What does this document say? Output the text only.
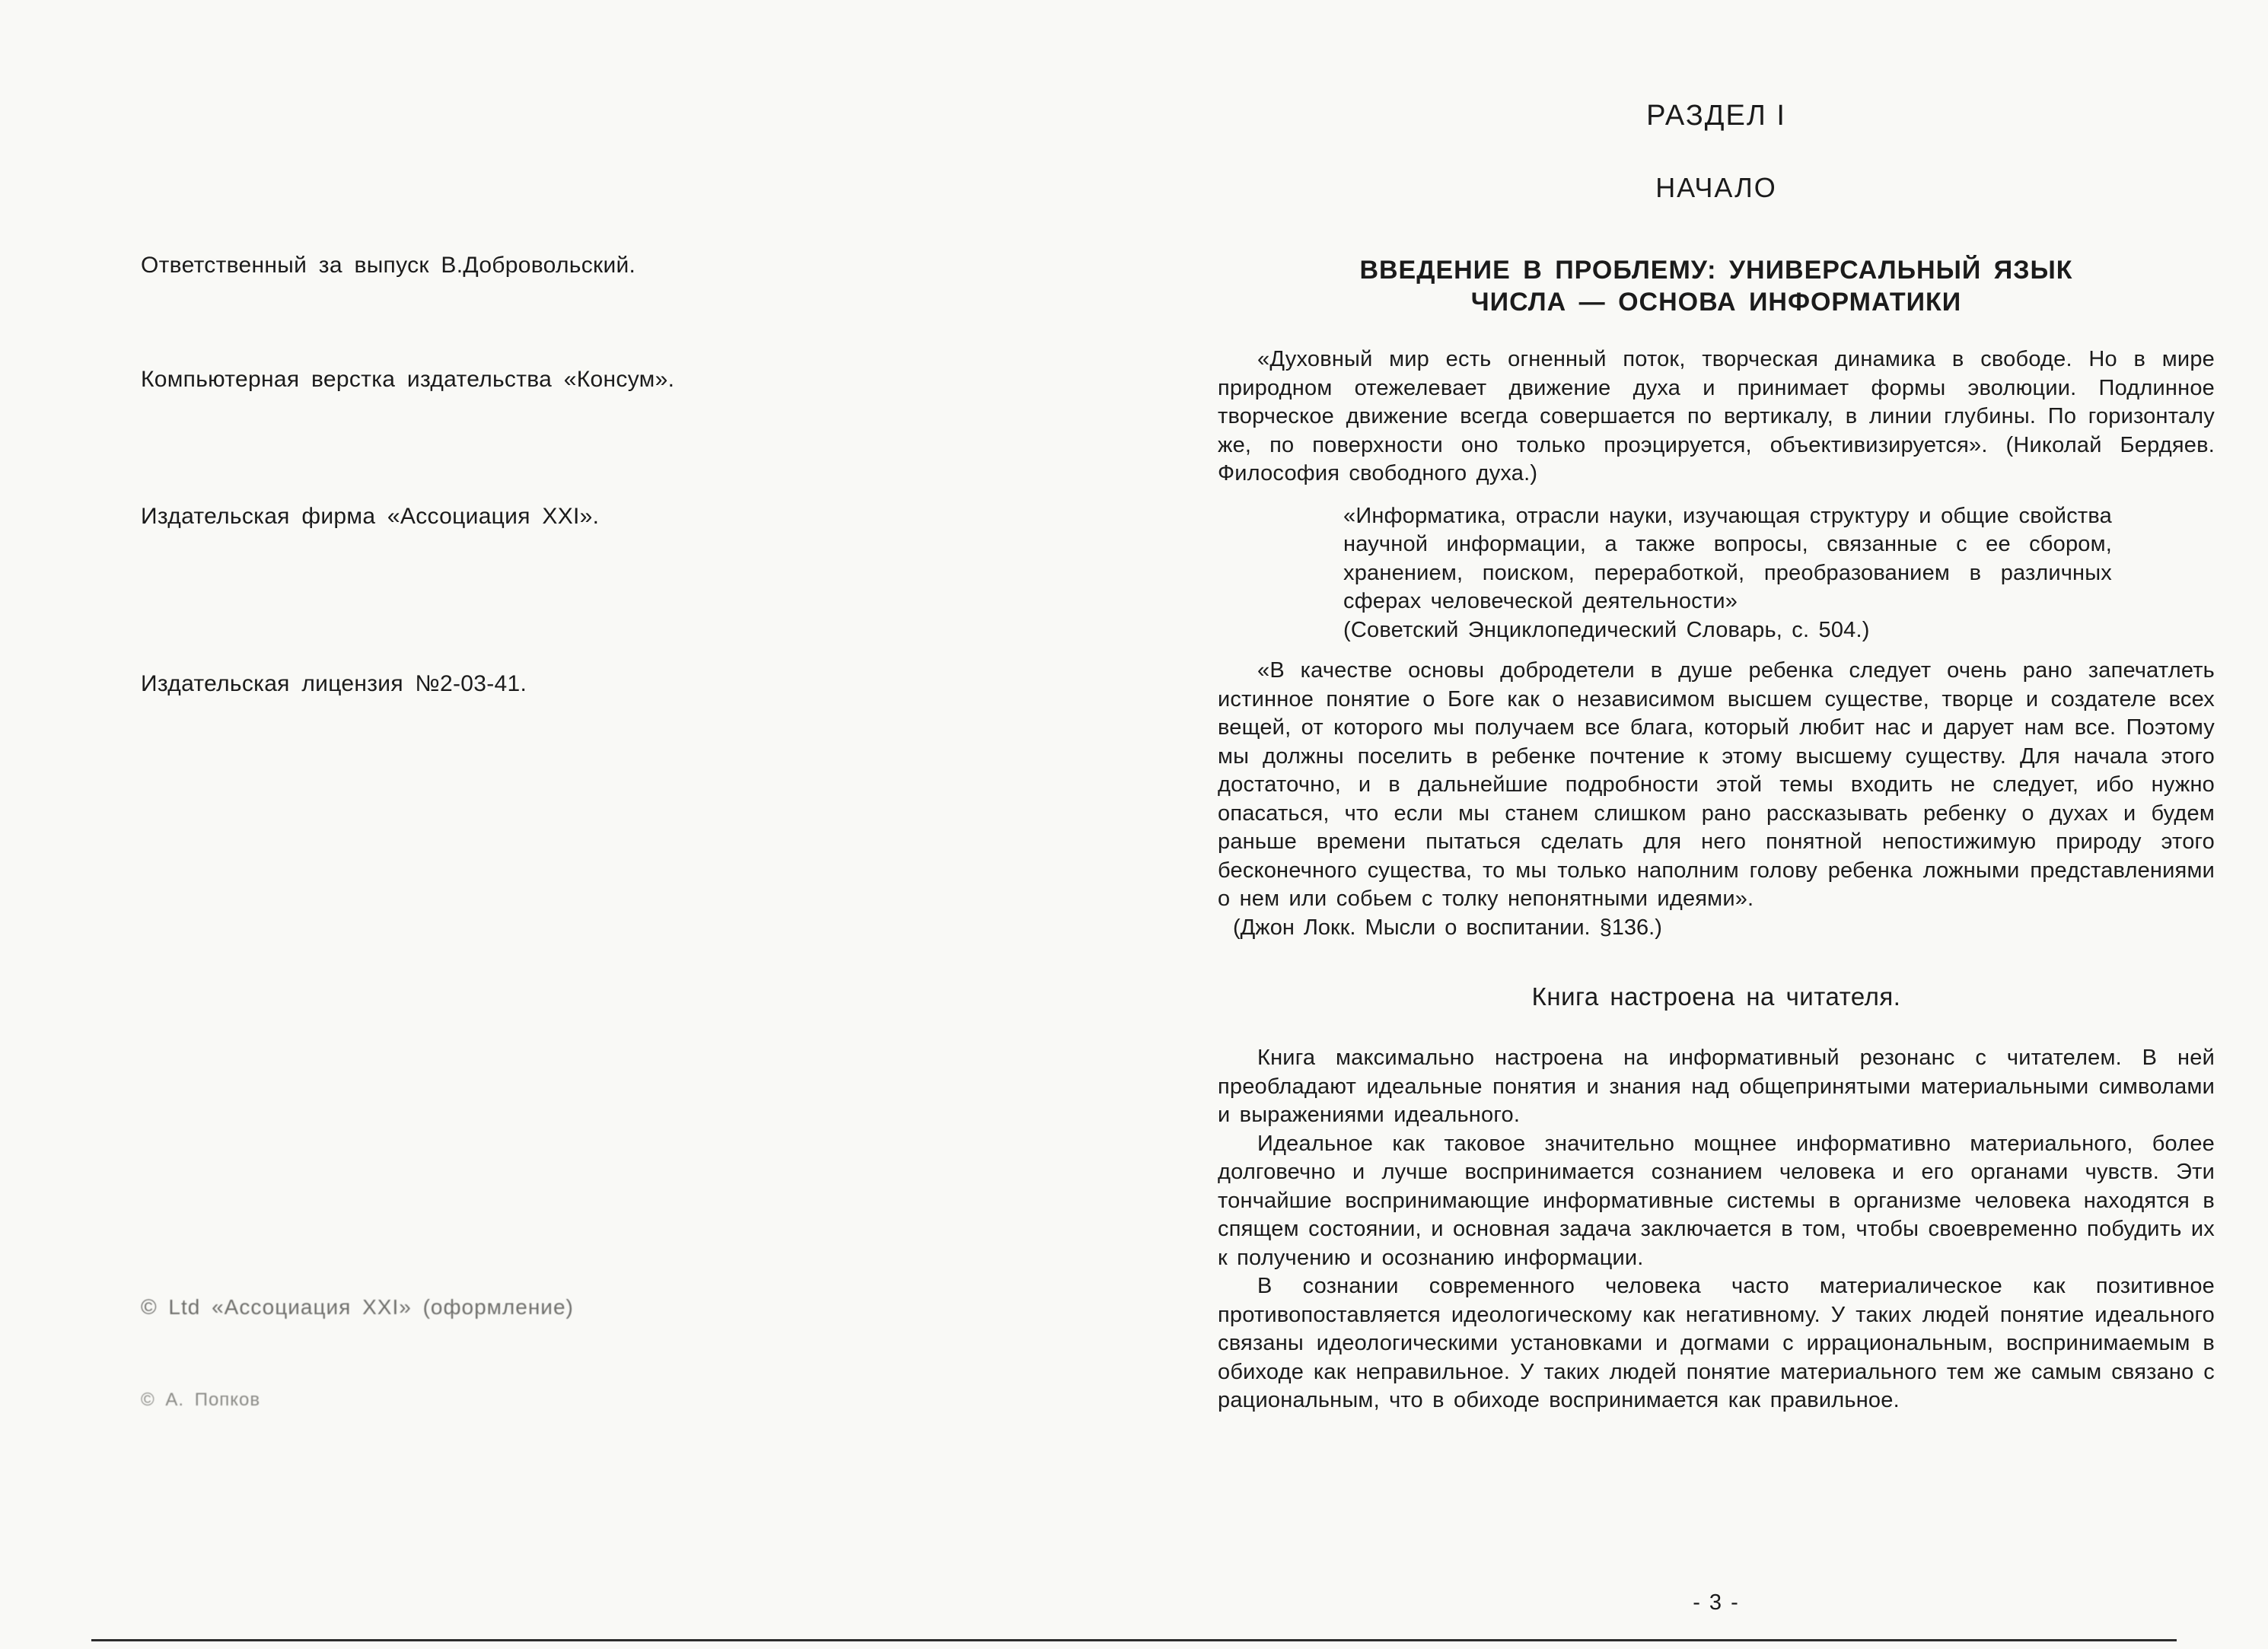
Ответственный за выпуск В.Добровольский.

Компьютерная верстка издательства «Консум».

Издательская фирма «Ассоциация XXI».

Издательская лицензия №2-03-41.

© Ltd «Ассоциация XXI» (оформление)

© А. Попков

РАЗДЕЛ I
НАЧАЛО
ВВЕДЕНИЕ В ПРОБЛЕМУ: УНИВЕРСАЛЬНЫЙ ЯЗЫК
ЧИСЛА — ОСНОВА ИНФОРМАТИКИ

«Духовный мир есть огненный поток, творческая динамика в свободе. Но в мире природном отежелевает движение духа и принимает формы эволюции. Подлинное творческое движение всегда совершается по вертикалу, в линии глубины. По горизонталу же, по поверхности оно только проэцируется, объективизируется». (Николай Бердяев. Философия свободного духа.)

«Информатика, отрасли науки, изучающая структуру и общие свойства научной информации, а также вопросы, связанные с ее сбором, хранением, поиском, переработкой, преобразованием в различных сферах человеческой деятельности»

(Советский Энциклопедический Словарь, с. 504.)

«В качестве основы добродетели в душе ребенка следует очень рано запечатлеть истинное понятие о Боге как о независимом высшем существе, творце и создателе всех вещей, от которого мы получаем все блага, который любит нас и дарует нам все. Поэтому мы должны поселить в ребенке почтение к этому высшему существу. Для начала этого достаточно, и в дальнейшие подробности этой темы входить не следует, ибо нужно опасаться, что если мы станем слишком рано рассказывать ребенку о духах и будем раньше времени пытаться сделать для него понятной непостижимую природу этого бесконечного существа, то мы только наполним голову ребенка ложными представлениями о нем или собьем с толку непонятными идеями».

(Джон Локк. Мысли о воспитании. §136.)

Книга настроена на читателя.

Книга максимально настроена на информативный резонанс с читателем. В ней преобладают идеальные понятия и знания над общепринятыми материальными символами и выражениями идеального.

Идеальное как таковое значительно мощнее информативно материального, более долговечно и лучше воспринимается сознанием человека и его органами чувств. Эти тончайшие воспринимающие информативные системы в организме человека находятся в спящем состоянии, и основная задача заключается в том, чтобы своевременно побудить их к получению и осознанию информации.

В сознании современного человека часто материалическое как позитивное противопоставляется идеологическому как негативному. У таких людей понятие идеального связаны идеологическими установками и догмами с иррациональным, воспринимаемым в обиходе как неправильное. У таких людей понятие материального тем же самым связано с рациональным, что в обиходе воспринимается как правильное.

- 3 -
